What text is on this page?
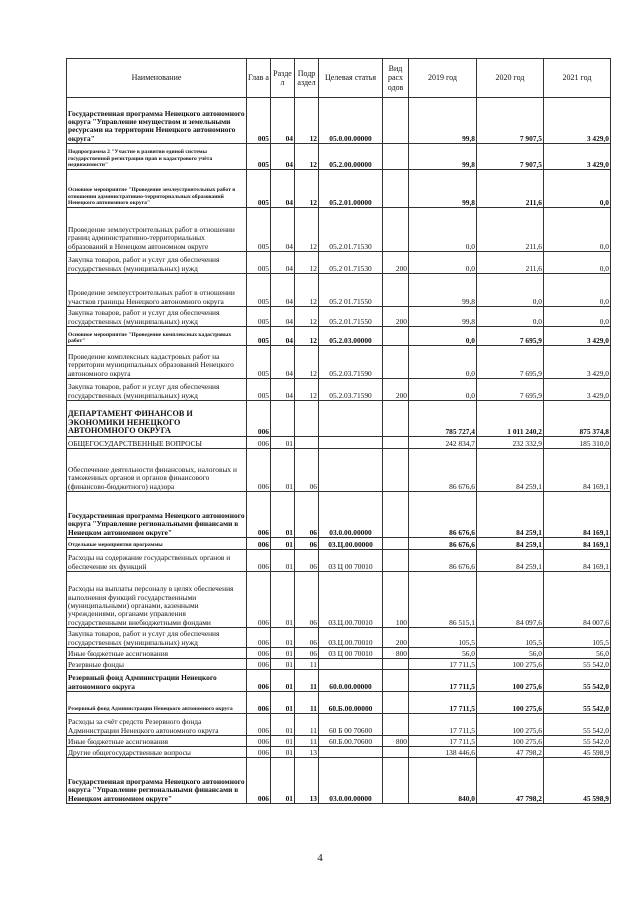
Наименование	Глав а	Разде л	Подр аздел	Целевая статья	Вид расх одов	2019 год	2020 год	2021 год
Государственная программа Ненецкого автономного округа "Управление имуществом и земельными ресурсами на территории Ненецкого автономного округа"	005	04	12	05.0.00.00000		99,8	7 907,5	3 429,0
Подпрограмма 2 "Участие в развитии единой системы государственной регистрации прав и кадастрового учёта недвижимости"	005	04	12	05.2.00.00000		99,8	7 907,5	3 429,0
Основное мероприятие "Проведение землеустроительных работ в отношении административно-территориальных образований Ненецкого автономного округа"	005	04	12	05.2.01.00000		99,8	211,6	0,0
Проведение землеустроительных работ в отношении границ административно-территориальных образований в Ненецком автономном округе	005	04	12	05.2.01.71530		0,0	211,6	0,0
Закупка товаров, работ и услуг для обеспечения государственных (муниципальных) нужд	005	04	12	05.2 01.71530	200	0,0	211,6	0,0
Проведение землеустроительных работ в отношении участков границы Ненецкого автономного округа	005	04	12	05.2 01.71550		99,8	0,0	0,0
Закупка товаров, работ и услуг для обеспечения государственных (муниципальных) нужд	005	04	12	05.2.01.71550	200	99,8	0,0	0,0
Основное мероприятие "Проведение комплексных кадастровых работ"	005	04	12	05.2.03.00000		0,0	7 695,9	3 429,0
Проведение комплексных кадастровых работ на территории муниципальных образований Ненецкого автономного округа	005	04	12	05.2.03.71590		0,0	7 695,9	3 429,0
Закупка товаров, работ и услуг для обеспечения государственных (муниципальных) нужд	005	04	12	05.2.03.71590	200	0,0	7 695,9	3 429,0
ДЕПАРТАМЕНТ ФИНАНСОВ И ЭКОНОМИКИ НЕНЕЦКОГО АВТОНОМНОГО ОКРУГА	006					785 727,4	1 011 240,2	875 374,8
ОБЩЕГОСУДАРСТВЕННЫЕ ВОПРОСЫ	006	01				242 834,7	232 332,9	185 310,0
Обеспечение деятельности финансовых, налоговых и таможенных органов и органов финансового (финансово-бюджетного) надзора	006	01	06			86 676,6	84 259,1	84 169,1
Государственная программа Ненецкого автономного округа "Управление региональными финансами в Ненецком автономном округе"	006	01	06	03.0.00.00000		86 676,6	84 259,1	84 169,1
Отдельные мероприятия программы	006	01	06	03.Ц.00.00000		86 676,6	84 259,1	84 169,1
Расходы на содержание государственных органов и обеспечение их функций	006	01	06	03 Ц 00 70010		86 676,6	84 259,1	84 169,1
Расходы на выплаты персоналу в целях обеспечения выполнения функций государственными (муниципальными) органами, казенными учреждениями, органами управления государственными внебюджетными фондами	006	01	06	03.Ц.00.70010	100	86 515,1	84 097,6	84 007,6
Закупка товаров, работ и услуг для обеспечения государственных (муниципальных) нужд	006	01	06	03.Ц.00.70010	200	105,5	105,5	105,5
Иные бюджетные ассигнования	006	01	06	03 Ц 00 70010	800	56,0	56,0	56,0
Резервные фонды	006	01	11			17 711,5	100 275,6	55 542,0
Резервный фонд Администрации Ненецкого автономного округа	006	01	11	60.0.00.00000		17 711,5	100 275,6	55 542,0
Резервный фонд Администрации Ненецкого автономного округа	006	01	11	60.Б.00.00000		17 711,5	100 275,6	55 542,0
Расходы за счёт средств Резервного фонда Администрации Ненецкого автономного округа	006	01	11	60 Б 00 70600		17 711,5	100 275,6	55 542,0
Иные бюджетные ассигнования	006	01	11	60.Б.00.70600	800	17 711,5	100 275,6	55 542,0
Другие общегосударственные вопросы	006	01	13			138 446,6	47 798,2	45 598,9
Государственная программа Ненецкого автономного округа "Управление региональными финансами в Ненецком автономном округе"	006	01	13	03.0.00.00000		840,0	47 798,2	45 598,9
4
